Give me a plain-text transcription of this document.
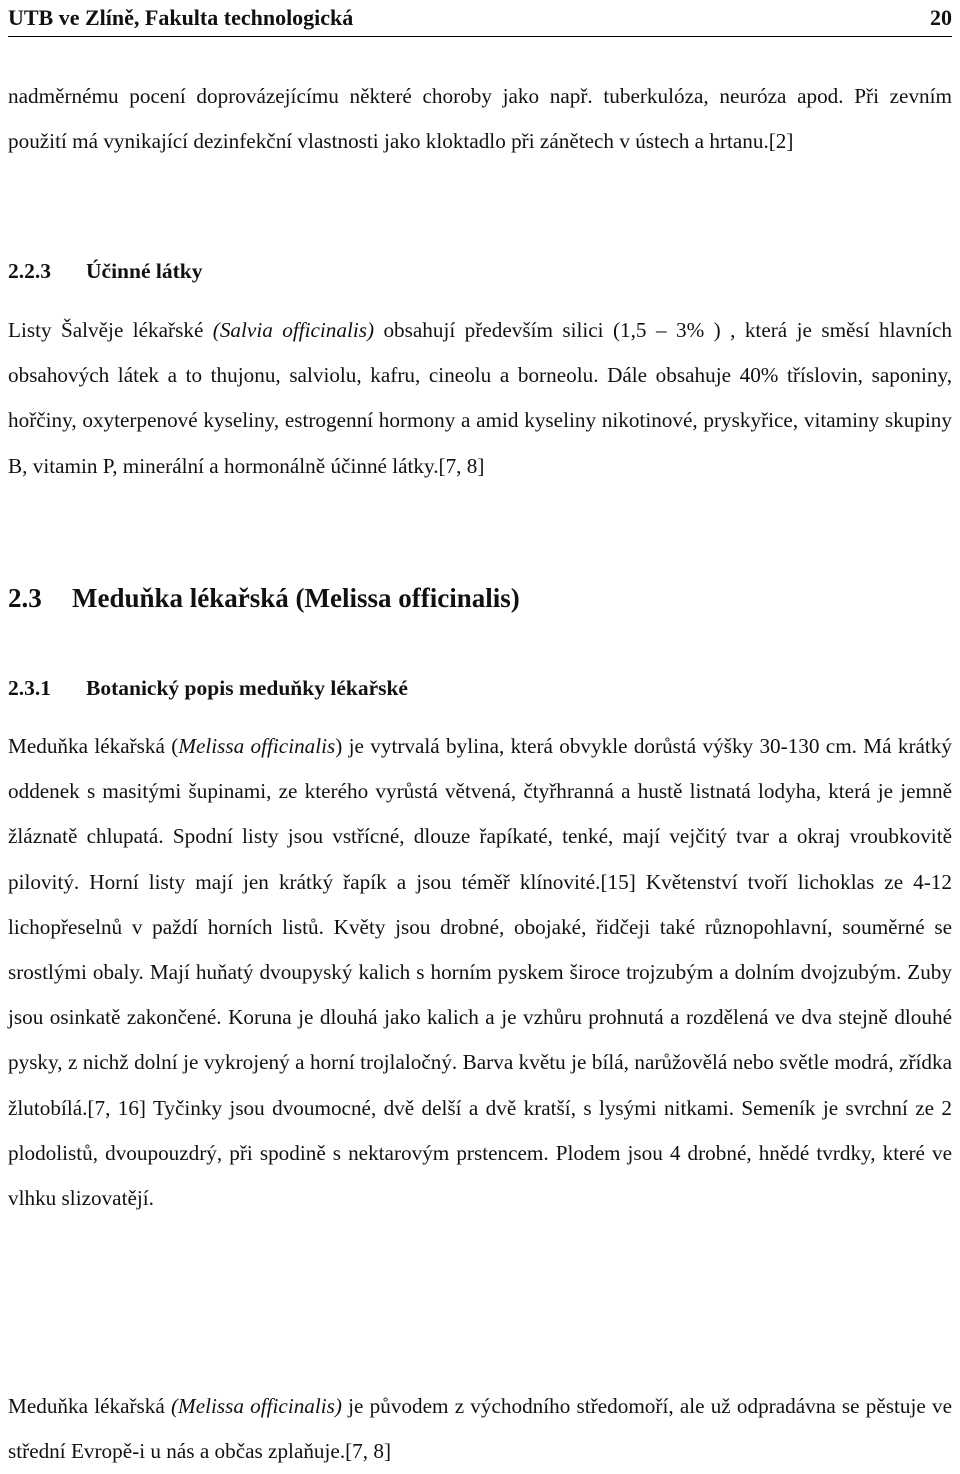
UTB ve Zlíně, Fakulta technologická	20

nadměrnému pocení doprovázejícímu některé choroby jako např. tuberkulóza, neuróza apod. Při zevním použití má vynikající dezinfekční vlastnosti jako kloktadlo při zánětech v ústech a hrtanu.[2]

2.2.3 Účinné látky

Listy Šalvěje lékařské (Salvia officinalis) obsahují především silici (1,5 – 3% ) , která je směsí hlavních obsahových látek a to thujonu, salviolu, kafru, cineolu a borneolu. Dále obsahuje 40% tříslovin, saponiny, hořčiny, oxyterpenové kyseliny, estrogenní hormony a amid kyseliny nikotinové, pryskyřice, vitaminy skupiny B, vitamin P, minerální a hormonálně účinné látky.[7, 8]

2.3 Meduňka lékařská (Melissa officinalis)
2.3.1 Botanický popis meduňky lékařské

Meduňka lékařská (Melissa officinalis) je vytrvalá bylina, která obvykle dorůstá výšky 30-130 cm. Má krátký oddenek s masitými šupinami, ze kterého vyrůstá větvená, čtyřhranná a hustě listnatá lodyha, která je jemně žláznatě chlupatá. Spodní listy jsou vstřícné, dlouze řapíkaté, tenké, mají vejčitý tvar a okraj vroubkovitě pilovitý. Horní listy mají jen krátký řapík a jsou téměř klínovité.[15] Květenství tvoří lichoklas ze 4-12 lichopřeselnů v paždí horních listů. Květy jsou drobné, obojaké, řidčeji také různopohlavní, souměrné se srostlými obaly. Mají huňatý dvoupyský kalich s horním pyskem široce trojzubým a dolním dvojzubým. Zuby jsou osinkatě zakončené. Koruna je dlouhá jako kalich a je vzhůru prohnutá a rozdělená ve dva stejně dlouhé pysky, z nichž dolní je vykrojený a horní trojlaločný. Barva květu je bílá, narůžovělá nebo světle modrá, zřídka žlutobílá.[7, 16] Tyčinky jsou dvoumocné, dvě delší a dvě kratší, s lysými nitkami. Semeník je svrchní ze 2 plodolistů, dvoupouzdrý, při spodině s nektarovým prstencem. Plodem jsou 4 drobné, hnědé tvrdky, které ve vlhku slizovatějí.

Meduňka lékařská (Melissa officinalis) je původem z východního středomoří, ale už odpradávna se pěstuje ve střední Evropě-i u nás a občas zplaňuje.[7, 8]
